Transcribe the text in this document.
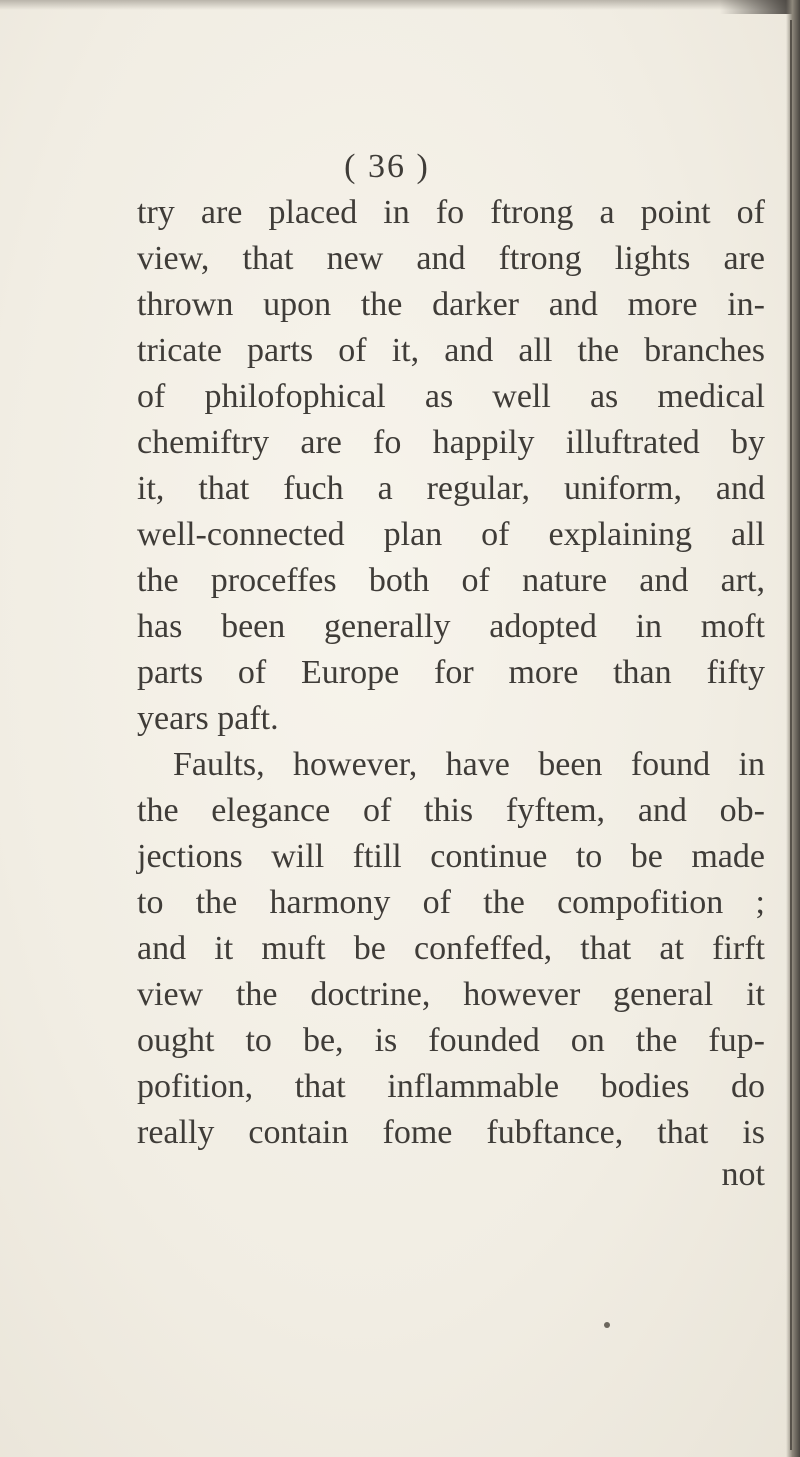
( 36 )
try are placed in fo ftrong a point of
view, that new and ftrong lights are
thrown upon the darker and more in-
tricate parts of it, and all the branches
of philofophical as well as medical
chemiftry are fo happily illuftrated by
it, that fuch a regular, uniform, and
well-connected plan of explaining all
the proceffes both of nature and art,
has been generally adopted in moft
parts of Europe for more than fifty
years paft.
Faults, however, have been found in
the elegance of this fyftem, and ob-
jections will ftill continue to be made
to the harmony of the compofition ;
and it muft be confeffed, that at firft
view the doctrine, however general it
ought to be, is founded on the fup-
pofition, that inflammable bodies do
really contain fome fubftance, that is
not
